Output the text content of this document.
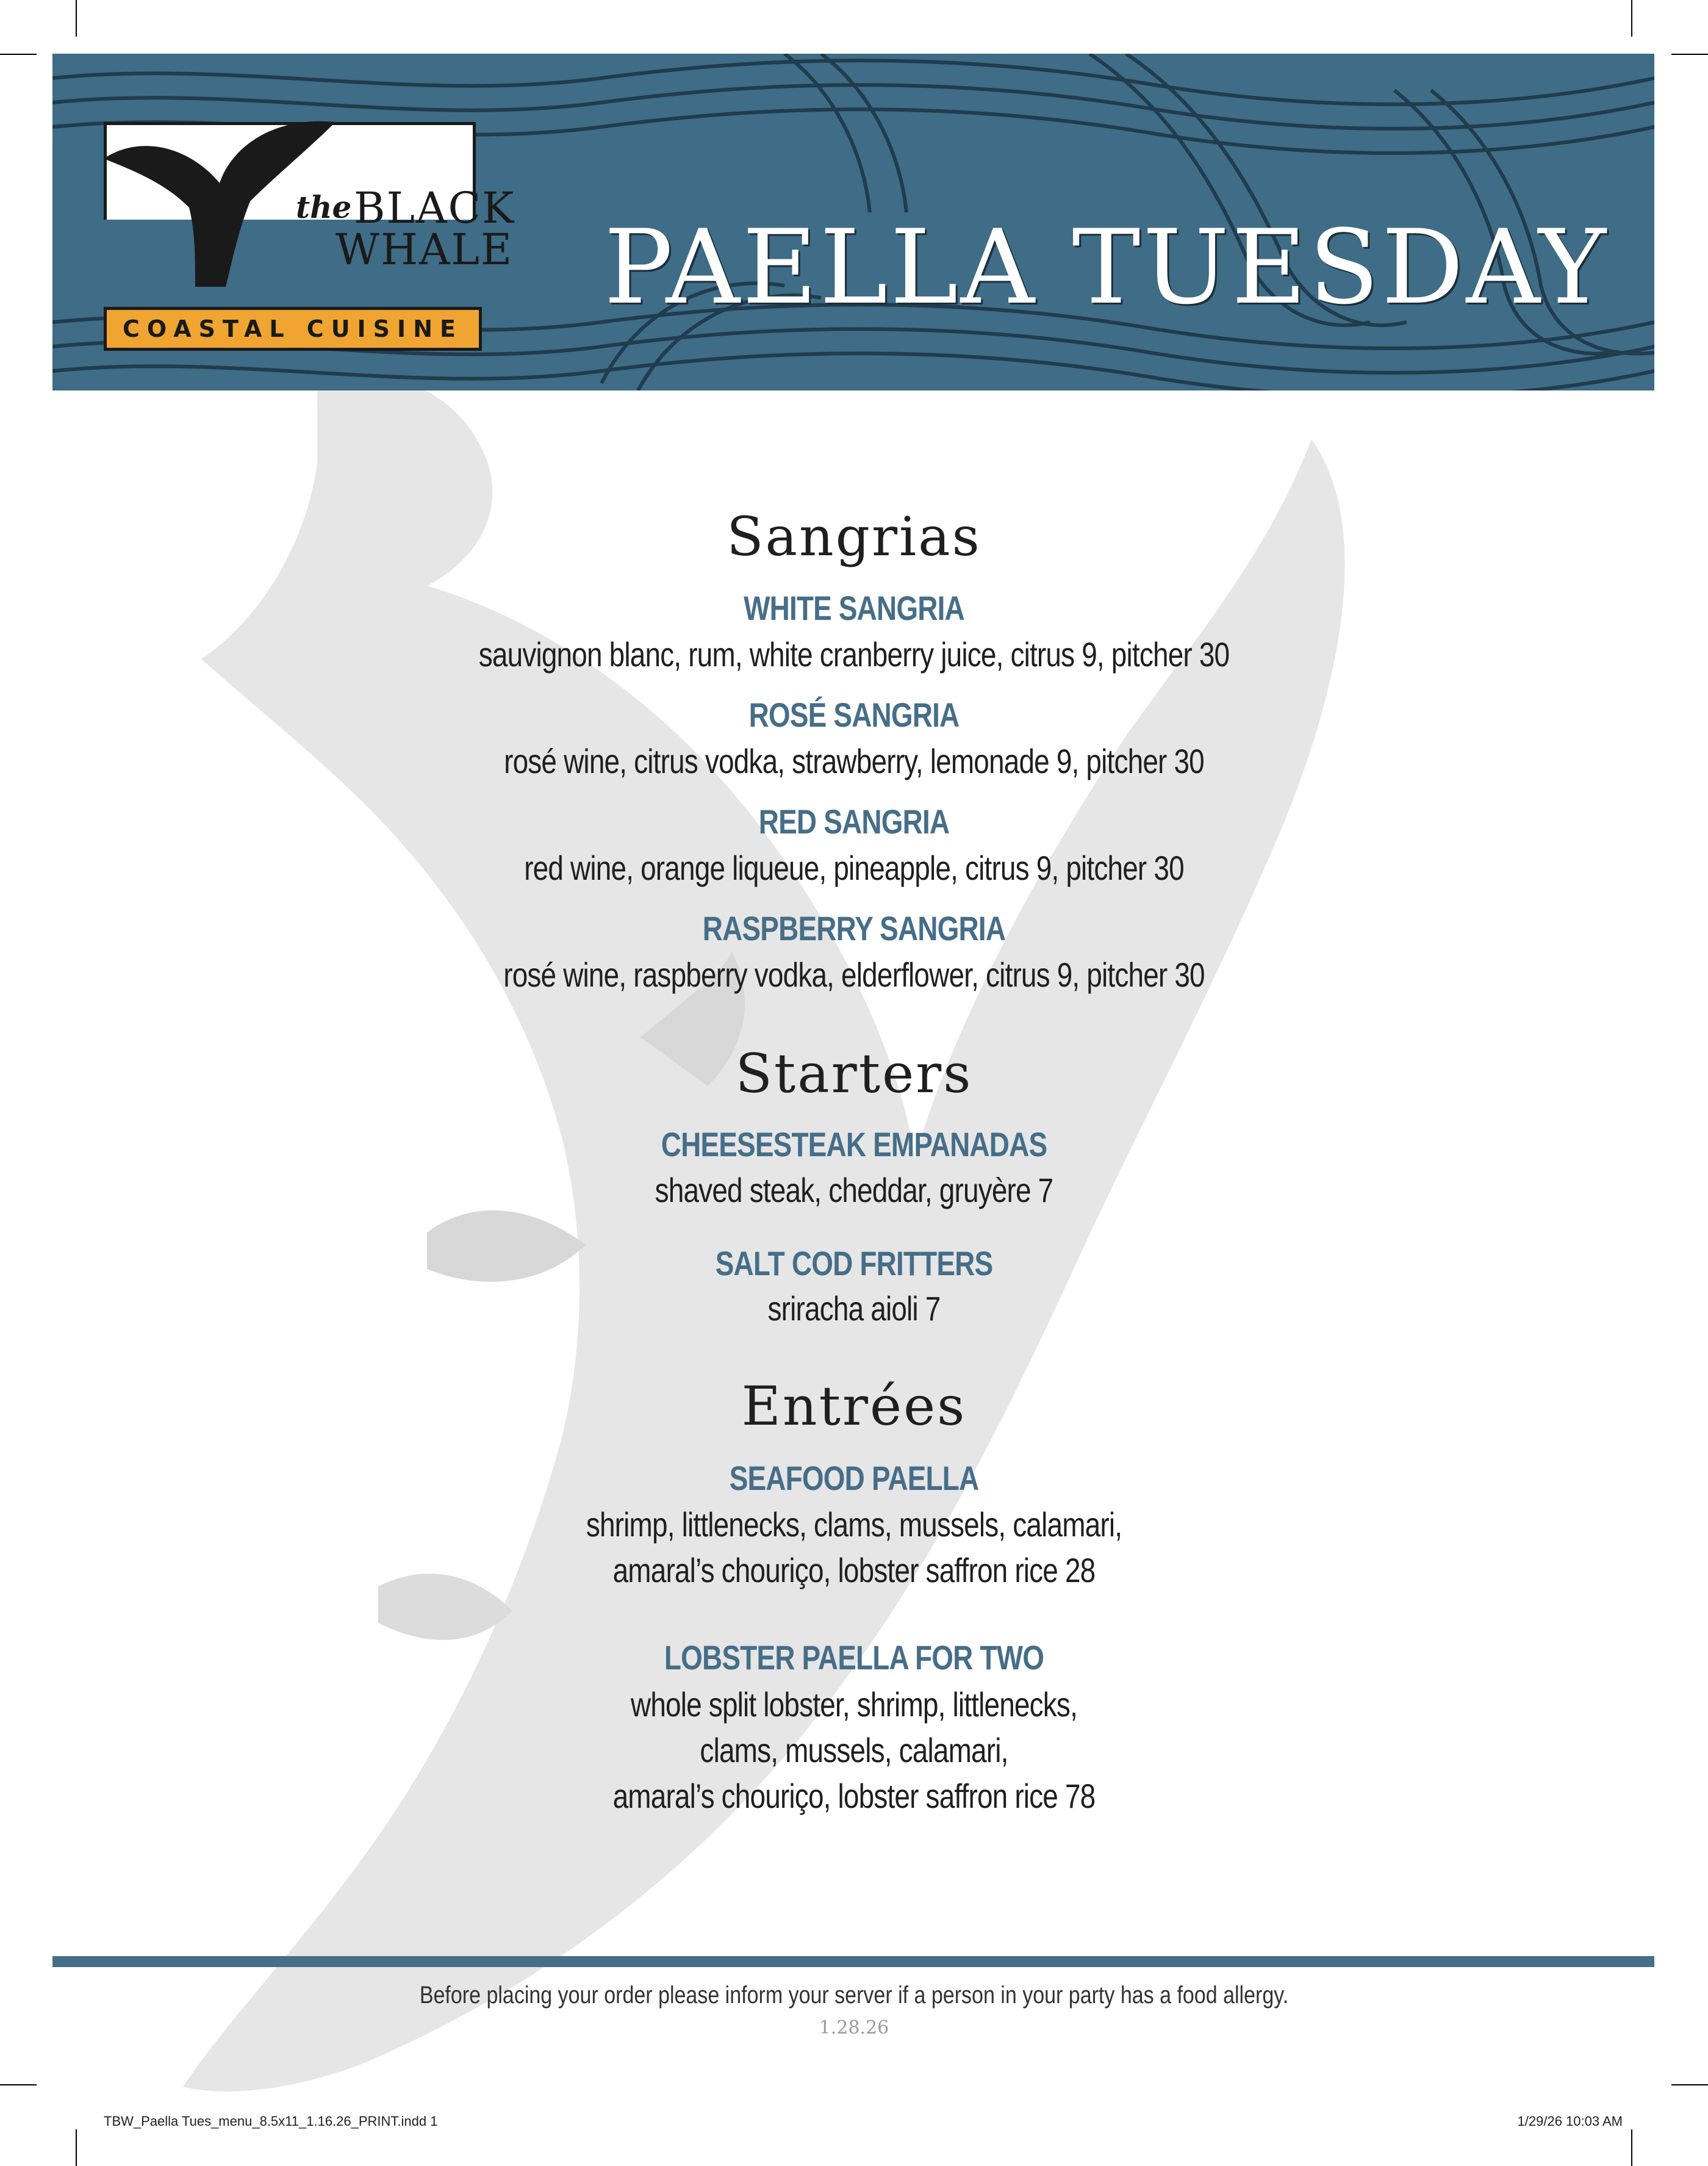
PAELLA TUESDAY
the BLACK
WHALE
COASTAL CUISINE
Sangrias
WHITE SANGRIA
sauvignon blanc, rum, white cranberry juice, citrus 9, pitcher 30
ROSÉ SANGRIA
rosé wine, citrus vodka, strawberry, lemonade 9, pitcher 30
RED SANGRIA
red wine, orange liqueue, pineapple, citrus 9, pitcher 30
RASPBERRY SANGRIA
rosé wine, raspberry vodka, elderflower, citrus 9, pitcher 30
Starters
CHEESESTEAK EMPANADAS
shaved steak, cheddar, gruyère 7
SALT COD FRITTERS
sriracha aioli 7
Entrées
SEAFOOD PAELLA
shrimp, littlenecks, clams, mussels, calamari,
amaral’s chouriço, lobster saffron rice 28
LOBSTER PAELLA FOR TWO
whole split lobster, shrimp, littlenecks,
clams, mussels, calamari,
amaral’s chouriço, lobster saffron rice 78
Before placing your order please inform your server if a person in your party has a food allergy.
1.28.26
TBW_Paella Tues_menu_8.5x11_1.16.26_PRINT.indd 1	1/29/26 10:03 AM
